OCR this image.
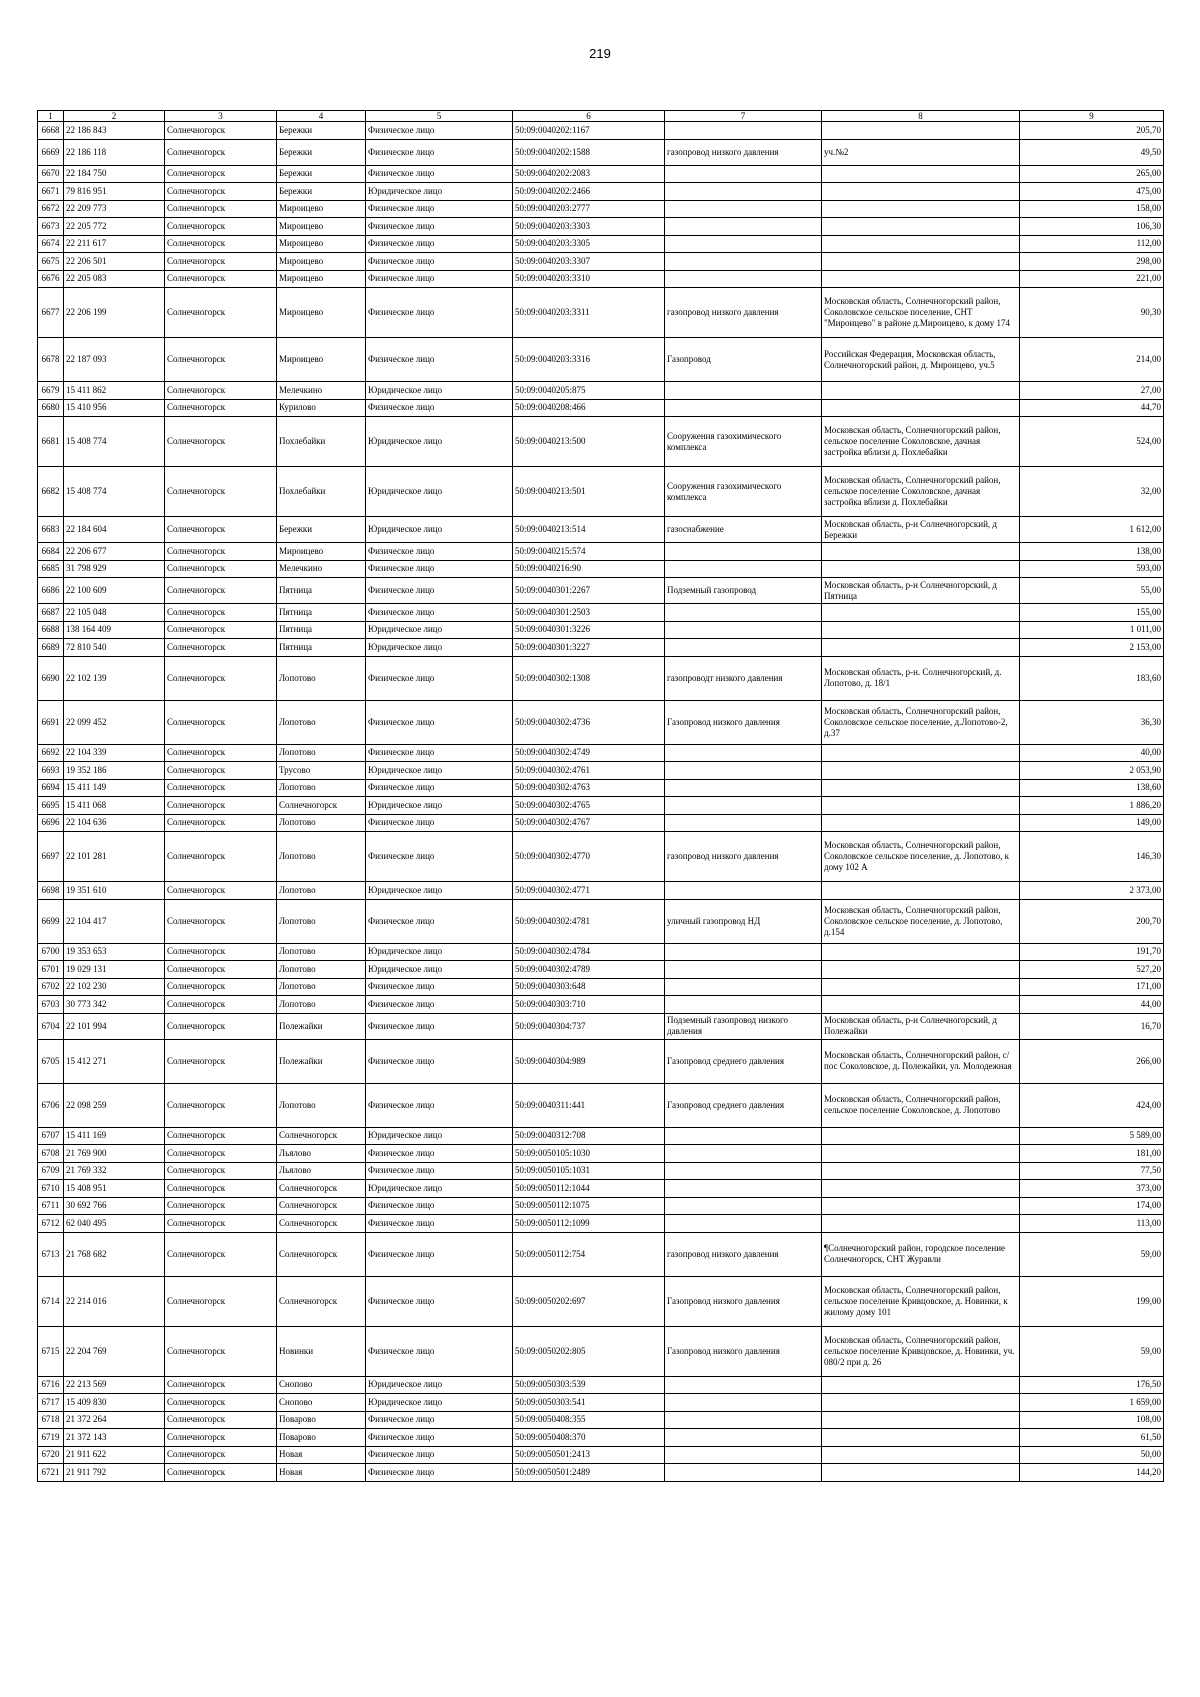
219
1	2	3	4	5	6	7	8	9
6668	22 186 843	Солнечногорск	Бережки	Физическое лицо	50:09:0040202:1167			205,70
6669	22 186 118	Солнечногорск	Бережки	Физическое лицо	50:09:0040202:1588	газопровод низкого давления	уч.№2	49,50
6670	22 184 750	Солнечногорск	Бережки	Физическое лицо	50:09:0040202:2083			265,00
6671	79 816 951	Солнечногорск	Бережки	Юридическое лицо	50:09:0040202:2466			475,00
6672	22 209 773	Солнечногорск	Мироицево	Физическое лицо	50:09:0040203:2777			158,00
6673	22 205 772	Солнечногорск	Мироицево	Физическое лицо	50:09:0040203:3303			106,30
6674	22 211 617	Солнечногорск	Мироицево	Физическое лицо	50:09:0040203:3305			112,00
6675	22 206 501	Солнечногорск	Мироицево	Физическое лицо	50:09:0040203:3307			298,00
6676	22 205 083	Солнечногорск	Мироицево	Физическое лицо	50:09:0040203:3310			221,00
6677	22 206 199	Солнечногорск	Мироицево	Физическое лицо	50:09:0040203:3311	газопровод низкого давления	Московская область, Солнечногорский район, Соколовское сельское поселение, СНТ "Мироицево" в районе д.Мироицево, к дому 174	90,30
6678	22 187 093	Солнечногорск	Мироицево	Физическое лицо	50:09:0040203:3316	Газопровод	Российская Федерация, Московская область, Солнечногорский район, д. Мироицево, уч.5	214,00
6679	15 411 862	Солнечногорск	Мелечкино	Юридическое лицо	50:09:0040205:875			27,00
6680	15 410 956	Солнечногорск	Курилово	Физическое лицо	50:09:0040208:466			44,70
6681	15 408 774	Солнечногорск	Похлебайки	Юридическое лицо	50:09:0040213:500	Сооружения газохимического комплекса	Московская область, Солнечногорский район, сельское поселение Соколовское, дачная застройка вблизи д. Похлебайки	524,00
6682	15 408 774	Солнечногорск	Похлебайки	Юридическое лицо	50:09:0040213:501	Сооружения газохимического комплекса	Московская область, Солнечногорский район, сельское поселение Соколовское, дачная застройка вблизи д. Похлебайки	32,00
6683	22 184 604	Солнечногорск	Бережки	Юридическое лицо	50:09:0040213:514	газоснабжение	Московская область, р-н Солнечногорский, д Бережки	1 612,00
6684	22 206 677	Солнечногорск	Мироицево	Физическое лицо	50:09:0040215:574			138,00
6685	31 798 929	Солнечногорск	Мелечкино	Физическое лицо	50:09:0040216:90			593,00
6686	22 100 609	Солнечногорск	Пятница	Физическое лицо	50:09:0040301:2267	Подземный газопровод	Московская область, р-н Солнечногорский, д Пятница	55,00
6687	22 105 048	Солнечногорск	Пятница	Физическое лицо	50:09:0040301:2503			155,00
6688	138 164 409	Солнечногорск	Пятница	Юридическое лицо	50:09:0040301:3226			1 011,00
6689	72 810 540	Солнечногорск	Пятница	Юридическое лицо	50:09:0040301:3227			2 153,00
6690	22 102 139	Солнечногорск	Лопотово	Физическое лицо	50:09:0040302:1308	газопроводт низкого давления	Московская область, р-н. Солнечногорский, д. Лопотово, д. 18/1	183,60
6691	22 099 452	Солнечногорск	Лопотово	Физическое лицо	50:09:0040302:4736	Газопровод низкого давления	Московская область, Солнечногорский район, Соколовское сельское поселение, д.Лопотово-2, д.37	36,30
6692	22 104 339	Солнечногорск	Лопотово	Физическое лицо	50:09:0040302:4749			40,00
6693	19 352 186	Солнечногорск	Трусово	Юридическое лицо	50:09:0040302:4761			2 053,90
6694	15 411 149	Солнечногорск	Лопотово	Физическое лицо	50:09:0040302:4763			138,60
6695	15 411 068	Солнечногорск	Солнечногорск	Юридическое лицо	50:09:0040302:4765			1 886,20
6696	22 104 636	Солнечногорск	Лопотово	Физическое лицо	50:09:0040302:4767			149,00
6697	22 101 281	Солнечногорск	Лопотово	Физическое лицо	50:09:0040302:4770	газопровод низкого давления	Московская область, Солнечногорский район, Соколовское сельское поселение, д. Лопотово, к дому 102 А	146,30
6698	19 351 610	Солнечногорск	Лопотово	Юридическое лицо	50:09:0040302:4771			2 373,00
6699	22 104 417	Солнечногорск	Лопотово	Физическое лицо	50:09:0040302:4781	уличный газопровод НД	Московская область, Солнечногорский район, Соколовское сельское поселение, д. Лопотово, д.154	200,70
6700	19 353 653	Солнечногорск	Лопотово	Юридическое лицо	50:09:0040302:4784			191,70
6701	19 029 131	Солнечногорск	Лопотово	Юридическое лицо	50:09:0040302:4789			527,20
6702	22 102 230	Солнечногорск	Лопотово	Физическое лицо	50:09:0040303:648			171,00
6703	30 773 342	Солнечногорск	Лопотово	Физическое лицо	50:09:0040303:710			44,00
6704	22 101 994	Солнечногорск	Полежайки	Физическое лицо	50:09:0040304:737	Подземный газопровод низкого давления	Московская область, р-н Солнечногорский, д Полежайки	16,70
6705	15 412 271	Солнечногорск	Полежайки	Физическое лицо	50:09:0040304:989	Газопровод среднего давления	Московская область, Солнечногорский район, с/пос Соколовское, д. Полежайки, ул. Молодежная	266,00
6706	22 098 259	Солнечногорск	Лопотово	Физическое лицо	50:09:0040311:441	Газопровод среднего давления	Московская область, Солнечногорский район, сельское поселение Соколовское, д. Лопотово	424,00
6707	15 411 169	Солнечногорск	Солнечногорск	Юридическое лицо	50:09:0040312:708			5 589,00
6708	21 769 900	Солнечногорск	Льялово	Физическое лицо	50:09:0050105:1030			181,00
6709	21 769 332	Солнечногорск	Льялово	Физическое лицо	50:09:0050105:1031			77,50
6710	15 408 951	Солнечногорск	Солнечногорск	Юридическое лицо	50:09:0050112:1044			373,00
6711	30 692 766	Солнечногорск	Солнечногорск	Физическое лицо	50:09:0050112:1075			174,00
6712	62 040 495	Солнечногорск	Солнечногорск	Физическое лицо	50:09:0050112:1099			113,00
6713	21 768 682	Солнечногорск	Солнечногорск	Физическое лицо	50:09:0050112:754	газопровод низкого давления	¶Солнечногорский район, городское поселение Солнечногорск, СНТ Журавли	59,00
6714	22 214 016	Солнечногорск	Солнечногорск	Физическое лицо	50:09:0050202:697	Газопровод низкого давления	Московская область, Солнечногорский район, сельское поселение Кривцовское, д. Новинки, к жилому дому 101	199,00
6715	22 204 769	Солнечногорск	Новинки	Физическое лицо	50:09:0050202:805	Газопровод низкого давления	Московская область, Солнечногорский район, сельское поселение Кривцовское, д. Новинки, уч. 080/2 при д. 26	59,00
6716	22 213 569	Солнечногорск	Снопово	Юридическое лицо	50:09:0050303:539			176,50
6717	15 409 830	Солнечногорск	Снопово	Юридическое лицо	50:09:0050303:541			1 659,00
6718	21 372 264	Солнечногорск	Поварово	Физическое лицо	50:09:0050408:355			108,00
6719	21 372 143	Солнечногорск	Поварово	Физическое лицо	50:09:0050408:370			61,50
6720	21 911 622	Солнечногорск	Новая	Физическое лицо	50:09:0050501:2413			50,00
6721	21 911 792	Солнечногорск	Новая	Физическое лицо	50:09:0050501:2489			144,20
